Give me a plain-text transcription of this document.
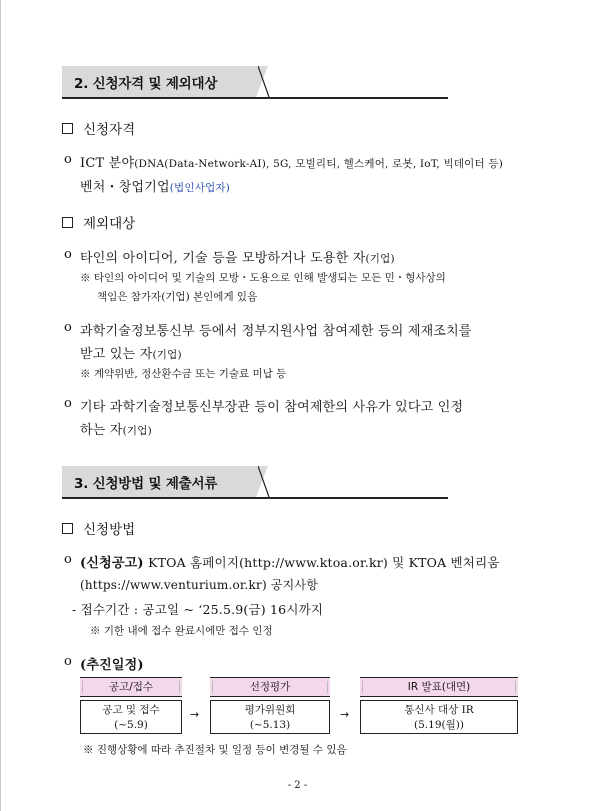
2. 신청자격 및 제외대상
신청자격
o ICT 분야(DNA(Data-Network-AI), 5G, 모빌리티, 헬스케어, 로봇, IoT, 빅데이터 등)
벤처・창업기업(법인사업자)
제외대상
o 타인의 아이디어, 기술 등을 모방하거나 도용한 자(기업)
※ 타인의 아이디어 및 기술의 모방・도용으로 인해 발생되는 모든 민・형사상의
책임은 참가자(기업) 본인에게 있음
o 과학기술정보통신부 등에서 정부지원사업 참여제한 등의 제재조치를
받고 있는 자(기업)
※ 계약위반, 정산환수금 또는 기술료 미납 등
o 기타 과학기술정보통신부장관 등이 참여제한의 사유가 있다고 인정
하는 자(기업)
3. 신청방법 및 제출서류
신청방법
o (신청공고) KTOA 홈페이지(http://www.ktoa.or.kr) 및 KTOA 벤처리움
(https://www.venturium.or.kr) 공지사항
- 접수기간 : 공고일 ~ ‘25.5.9(금) 16시까지
※ 기한 내에 접수 완료시에만 접수 인정
o (추진일정)
공고/접수	선정평가	IR 발표(대면)
공고 및 접수
(~5.9)
→	평가위원회
(~5.13)
→	통신사 대상 IR
(5.19(월))
※ 진행상황에 따라 추진절차 및 일정 등이 변경될 수 있음
- 2 -
